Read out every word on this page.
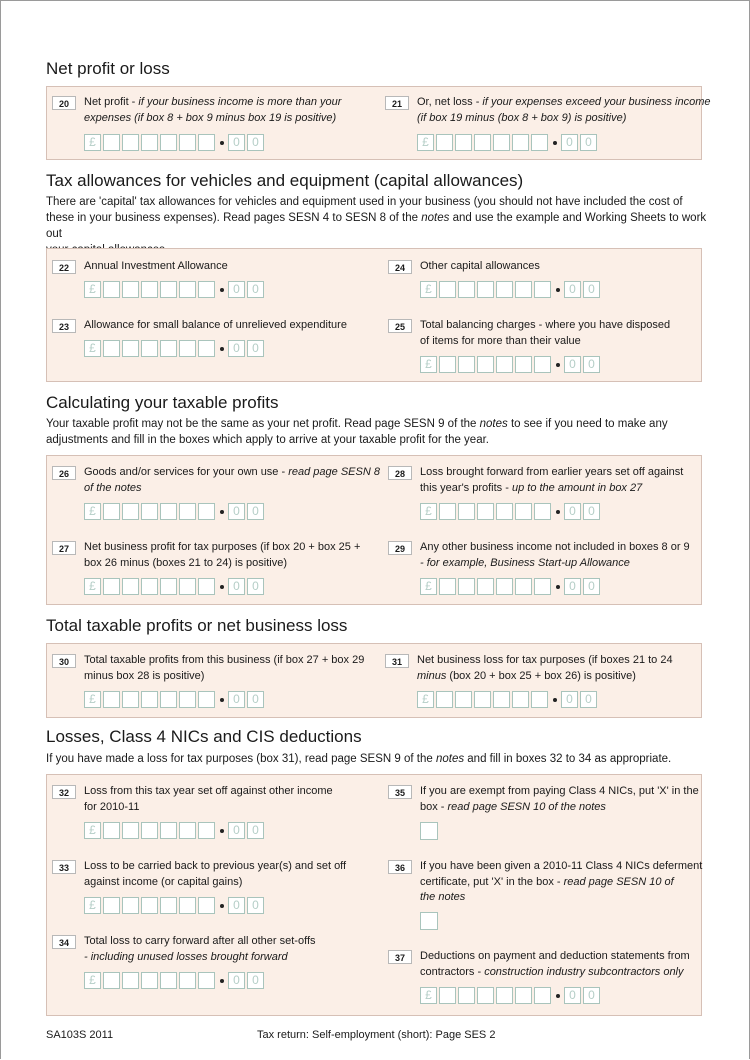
Net profit or loss
20	Net profit - if your business income is more than your
expenses (if box 8 + box 9 minus box 19 is positive)
£	0	0
21	Or, net loss - if your expenses exceed your business income
(if box 19 minus (box 8 + box 9) is positive)
£	0	0
Tax allowances for vehicles and equipment (capital allowances)

There are 'capital' tax allowances for vehicles and equipment used in your business (you should not have included the cost of
these in your business expenses). Read pages SESN 4 to SESN 8 of the notes and use the example and Working Sheets to work out

22	Annual Investment Allowance
£	0	0
23	Allowance for small balance of unrelieved expenditure
£	0	0
24	Other capital allowances
£	0	0
25	Total balancing charges - where you have disposed
of items for more than their value
£	0	0
Calculating your taxable profits

Your taxable profit may not be the same as your net profit. Read page SESN 9 of the notes to see if you need to make any
adjustments and fill in the boxes which apply to arrive at your taxable profit for the year.

26	Goods and/or services for your own use - read page SESN 8
of the notes
£	0	0
27	Net business profit for tax purposes (if box 20 + box 25 +
box 26 minus (boxes 21 to 24) is positive)
£	0	0
28	Loss brought forward from earlier years set off against
this year's profits - up to the amount in box 27
£	0	0
29	Any other business income not included in boxes 8 or 9
- for example, Business Start-up Allowance
£	0	0
Total taxable profits or net business loss
30	Total taxable profits from this business (if box 27 + box 29
minus box 28 is positive)
£	0	0
31	Net business loss for tax purposes (if boxes 21 to 24
minus (box 20 + box 25 + box 26) is positive)
£	0	0
Losses, Class 4 NICs and CIS deductions

If you have made a loss for tax purposes (box 31), read page SESN 9 of the notes and fill in boxes 32 to 34 as appropriate.

32	Loss from this tax year set off against other income
for 2010-11
£	0	0
33	Loss to be carried back to previous year(s) and set off
against income (or capital gains)
£	0	0
34	Total loss to carry forward after all other set-offs
- including unused losses brought forward
£	0	0
35	If you are exempt from paying Class 4 NICs, put 'X' in the
box - read page SESN 10 of the notes
36	If you have been given a 2010-11 Class 4 NICs deferment
certificate, put 'X' in the box - read page SESN 10 of
the notes
37	Deductions on payment and deduction statements from
contractors - construction industry subcontractors only
£	0	0
SA103S 2011	Tax return: Self-employment (short): Page SES 2
